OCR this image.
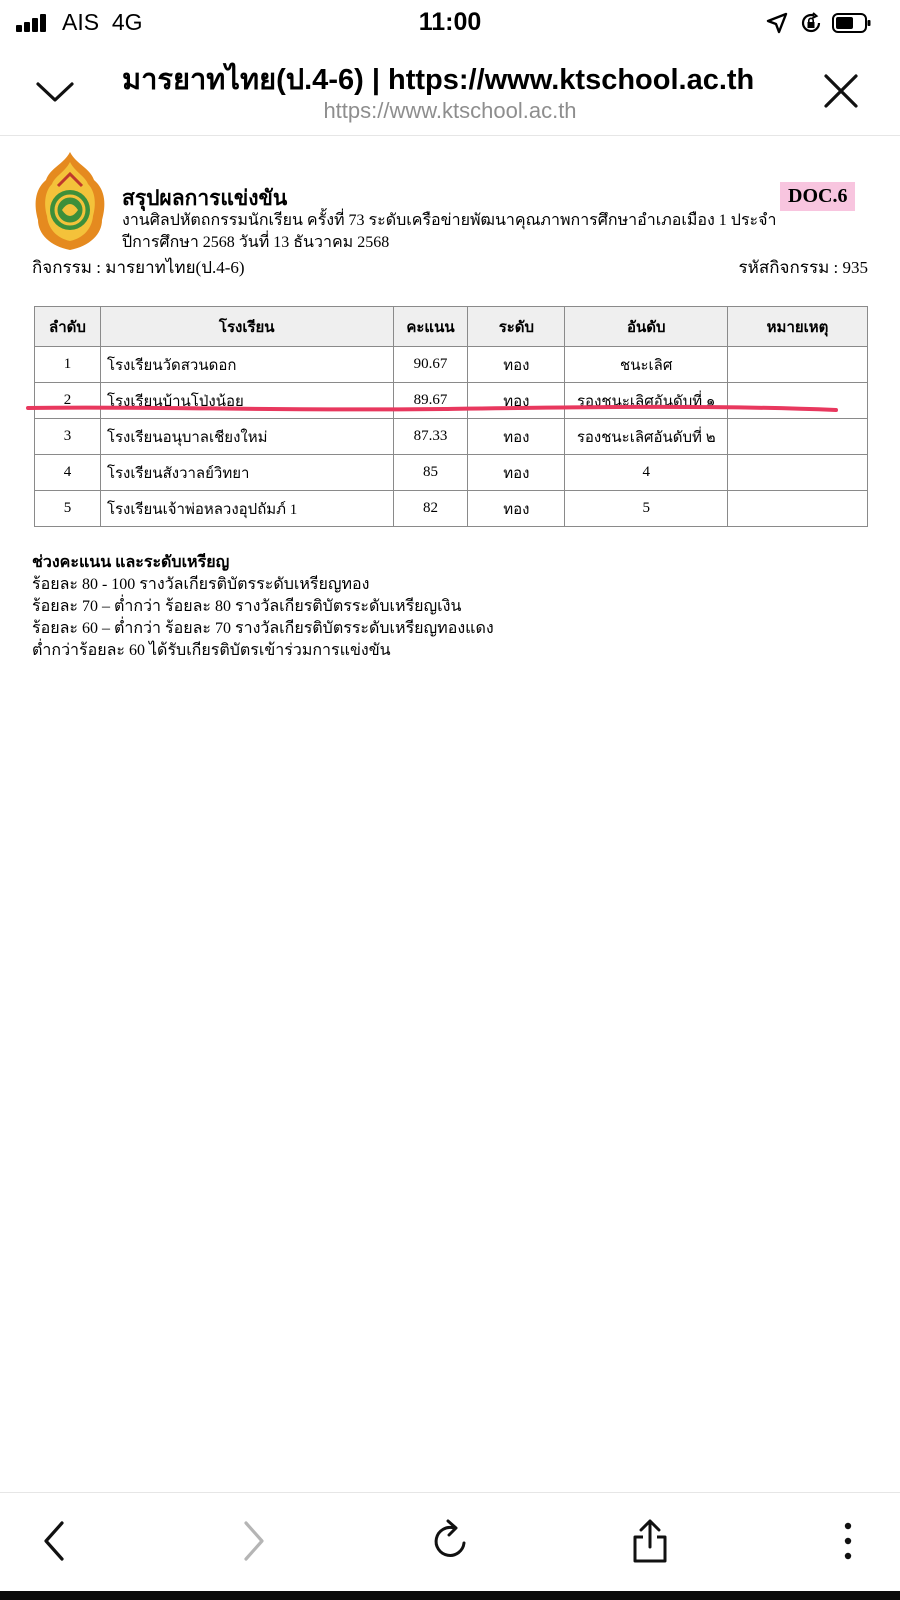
AIS 4G	11:00
มารยาทไทย(ป.4-6) | https://www.ktschool.ac.th
https://www.ktschool.ac.th
สรุปผลการแข่งขัน
งานศิลปหัตถกรรมนักเรียน ครั้งที่ 73 ระดับเครือข่ายพัฒนาคุณภาพการศึกษาอำเภอเมือง 1 ประจำ
ปีการศึกษา 2568 วันที่ 13 ธันวาคม 2568
DOC.6
กิจกรรม : มารยาทไทย(ป.4-6)	รหัสกิจกรรม : 935
ลำดับ	โรงเรียน	คะแนน	ระดับ	อันดับ	หมายเหตุ
1	โรงเรียนวัดสวนดอก	90.67	ทอง	ชนะเลิศ	
2	โรงเรียนบ้านโป่งน้อย	89.67	ทอง	รองชนะเลิศอันดับที่ ๑	
3	โรงเรียนอนุบาลเชียงใหม่	87.33	ทอง	รองชนะเลิศอันดับที่ ๒	
4	โรงเรียนสังวาลย์วิทยา	85	ทอง	4	
5	โรงเรียนเจ้าพ่อหลวงอุปถัมภ์ 1	82	ทอง	5	
ช่วงคะแนน และระดับเหรียญ
ร้อยละ 80 - 100 รางวัลเกียรติบัตรระดับเหรียญทอง
ร้อยละ 70 – ต่ำกว่า ร้อยละ 80 รางวัลเกียรติบัตรระดับเหรียญเงิน
ร้อยละ 60 – ต่ำกว่า ร้อยละ 70 รางวัลเกียรติบัตรระดับเหรียญทองแดง
ต่ำกว่าร้อยละ 60 ได้รับเกียรติบัตรเข้าร่วมการแข่งขัน
